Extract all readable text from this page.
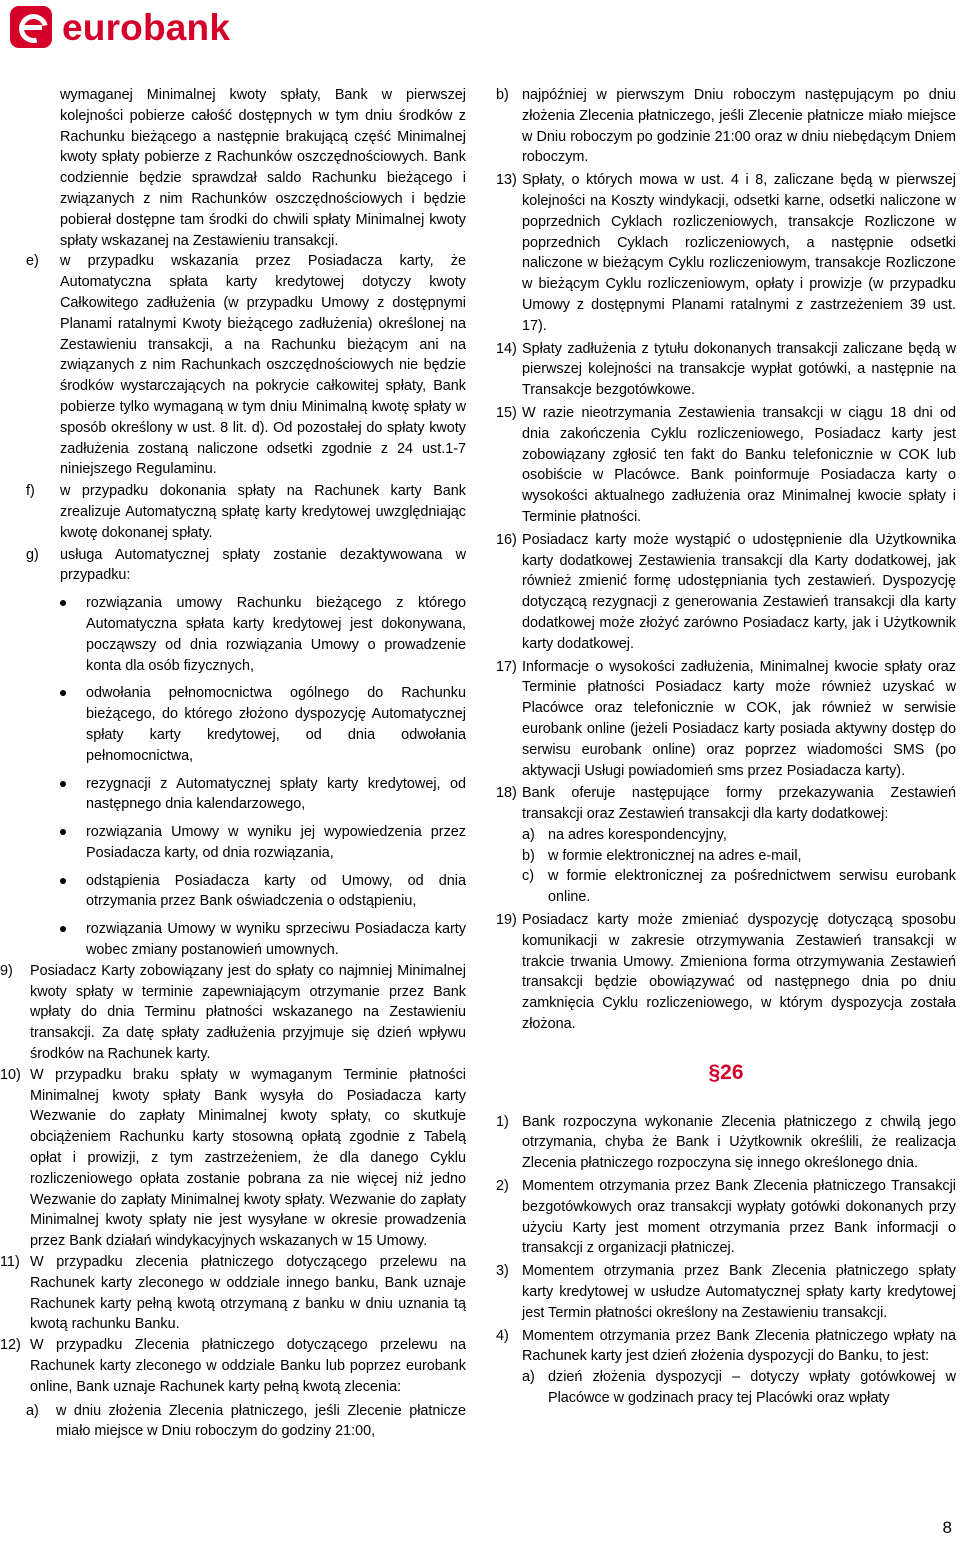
eurobank

wymaganej Minimalnej kwoty spłaty, Bank w pierwszej kolejności pobierze całość dostępnych w tym dniu środków z Rachunku bieżącego a następnie brakującą część Minimalnej kwoty spłaty pobierze z Rachunków oszczędnościowych. Bank codziennie będzie sprawdzał saldo Rachunku bieżącego i związanych z nim Rachunków oszczędnościowych i będzie pobierał dostępne tam środki do chwili spłaty Minimalnej kwoty spłaty wskazanej na Zestawieniu transakcji.

e) w przypadku wskazania przez Posiadacza karty, że Automatyczna spłata karty kredytowej dotyczy kwoty Całkowitego zadłużenia (w przypadku Umowy z dostępnymi Planami ratalnymi Kwoty bieżącego zadłużenia) określonej na Zestawieniu transakcji, a na Rachunku bieżącym ani na związanych z nim Rachunkach oszczędnościowych nie będzie środków wystarczających na pokrycie całkowitej spłaty, Bank pobierze tylko wymaganą w tym dniu Minimalną kwotę spłaty w sposób określony w ust. 8 lit. d). Od pozostałej do spłaty kwoty zadłużenia zostaną naliczone odsetki zgodnie z 24 ust.1-7 niniejszego Regulaminu.
f) w przypadku dokonania spłaty na Rachunek karty Bank zrealizuje Automatyczną spłatę karty kredytowej uwzględniając kwotę dokonanej spłaty.
g) usługa Automatycznej spłaty zostanie dezaktywowana w przypadku:
rozwiązania umowy Rachunku bieżącego z którego Automatyczna spłata karty kredytowej jest dokonywana, począwszy od dnia rozwiązania Umowy o prowadzenie konta dla osób fizycznych,
odwołania pełnomocnictwa ogólnego do Rachunku bieżącego, do którego złożono dyspozycję Automatycznej spłaty karty kredytowej, od dnia odwołania pełnomocnictwa,
rezygnacji z Automatycznej spłaty karty kredytowej, od następnego dnia kalendarzowego,
rozwiązania Umowy w wyniku jej wypowiedzenia przez Posiadacza karty, od dnia rozwiązania,
odstąpienia Posiadacza karty od Umowy, od dnia otrzymania przez Bank oświadczenia o odstąpieniu,
rozwiązania Umowy w wyniku sprzeciwu Posiadacza karty wobec zmiany postanowień umownych.
9) Posiadacz Karty zobowiązany jest do spłaty co najmniej Minimalnej kwoty spłaty w terminie zapewniającym otrzymanie przez Bank wpłaty do dnia Terminu płatności wskazanego na Zestawieniu transakcji. Za datę spłaty zadłużenia przyjmuje się dzień wpływu środków na Rachunek karty.
10) W przypadku braku spłaty w wymaganym Terminie płatności Minimalnej kwoty spłaty Bank wysyła do Posiadacza karty Wezwanie do zapłaty Minimalnej kwoty spłaty, co skutkuje obciążeniem Rachunku karty stosowną opłatą zgodnie z Tabelą opłat i prowizji, z tym zastrzeżeniem, że dla danego Cyklu rozliczeniowego opłata zostanie pobrana za nie więcej niż jedno Wezwanie do zapłaty Minimalnej kwoty spłaty. Wezwanie do zapłaty Minimalnej kwoty spłaty nie jest wysyłane w okresie prowadzenia przez Bank działań windykacyjnych wskazanych w 15 Umowy.
11) W przypadku zlecenia płatniczego dotyczącego przelewu na Rachunek karty zleconego w oddziale innego banku, Bank uznaje Rachunek karty pełną kwotą otrzymaną z banku w dniu uznania tą kwotą rachunku Banku.
12) W przypadku Zlecenia płatniczego dotyczącego przelewu na Rachunek karty zleconego w oddziale Banku lub poprzez eurobank online, Bank uznaje Rachunek karty pełną kwotą zlecenia:
a) w dniu złożenia Zlecenia płatniczego, jeśli Zlecenie płatnicze miało miejsce w Dniu roboczym do godziny 21:00,
b) najpóźniej w pierwszym Dniu roboczym następującym po dniu złożenia Zlecenia płatniczego, jeśli Zlecenie płatnicze miało miejsce w Dniu roboczym po godzinie 21:00 oraz w dniu niebędącym Dniem roboczym.
13) Spłaty, o których mowa w ust. 4 i 8, zaliczane będą w pierwszej kolejności na Koszty windykacji, odsetki karne, odsetki naliczone w poprzednich Cyklach rozliczeniowych, transakcje Rozliczone w poprzednich Cyklach rozliczeniowych, a następnie odsetki naliczone w bieżącym Cyklu rozliczeniowym, transakcje Rozliczone w bieżącym Cyklu rozliczeniowym, opłaty i prowizje (w przypadku Umowy z dostępnymi Planami ratalnymi z zastrzeżeniem 39 ust. 17).
14) Spłaty zadłużenia z tytułu dokonanych transakcji zaliczane będą w pierwszej kolejności na transakcje wypłat gotówki, a następnie na Transakcje bezgotówkowe.
15) W razie nieotrzymania Zestawienia transakcji w ciągu 18 dni od dnia zakończenia Cyklu rozliczeniowego, Posiadacz karty jest zobowiązany zgłosić ten fakt do Banku telefonicznie w COK lub osobiście w Placówce. Bank poinformuje Posiadacza karty o wysokości aktualnego zadłużenia oraz Minimalnej kwocie spłaty i Terminie płatności.
16) Posiadacz karty może wystąpić o udostępnienie dla Użytkownika karty dodatkowej Zestawienia transakcji dla Karty dodatkowej, jak również zmienić formę udostępniania tych zestawień. Dyspozycję dotyczącą rezygnacji z generowania Zestawień transakcji dla karty dodatkowej może złożyć zarówno Posiadacz karty, jak i Użytkownik karty dodatkowej.
17) Informacje o wysokości zadłużenia, Minimalnej kwocie spłaty oraz Terminie płatności Posiadacz karty może również uzyskać w Placówce oraz telefonicznie w COK, jak również w serwisie eurobank online (jeżeli Posiadacz karty posiada aktywny dostęp do serwisu eurobank online) oraz poprzez wiadomości SMS (po aktywacji Usługi powiadomień sms przez Posiadacza karty).
18) Bank oferuje następujące formy przekazywania Zestawień transakcji oraz Zestawień transakcji dla karty dodatkowej:
a) na adres korespondencyjny,
b) w formie elektronicznej na adres e-mail,
c) w formie elektronicznej za pośrednictwem serwisu eurobank online.
19) Posiadacz karty może zmieniać dyspozycję dotyczącą sposobu komunikacji w zakresie otrzymywania Zestawień transakcji w trakcie trwania Umowy. Zmieniona forma otrzymywania Zestawień transakcji będzie obowiązywać od następnego dnia po dniu zamknięcia Cyklu rozliczeniowego, w którym dyspozycja została złożona.
§26
1) Bank rozpoczyna wykonanie Zlecenia płatniczego z chwilą jego otrzymania, chyba że Bank i Użytkownik określili, że realizacja Zlecenia płatniczego rozpoczyna się innego określonego dnia.
2) Momentem otrzymania przez Bank Zlecenia płatniczego Transakcji bezgotówkowych oraz transakcji wypłaty gotówki dokonanych przy użyciu Karty jest moment otrzymania przez Bank informacji o transakcji z organizacji płatniczej.
3) Momentem otrzymania przez Bank Zlecenia płatniczego spłaty karty kredytowej w usłudze Automatycznej spłaty karty kredytowej jest Termin płatności określony na Zestawieniu transakcji.
4) Momentem otrzymania przez Bank Zlecenia płatniczego wpłaty na Rachunek karty jest dzień złożenia dyspozycji do Banku, to jest:
a) dzień złożenia dyspozycji – dotyczy wpłaty gotówkowej w Placówce w godzinach pracy tej Placówki oraz wpłaty
8
